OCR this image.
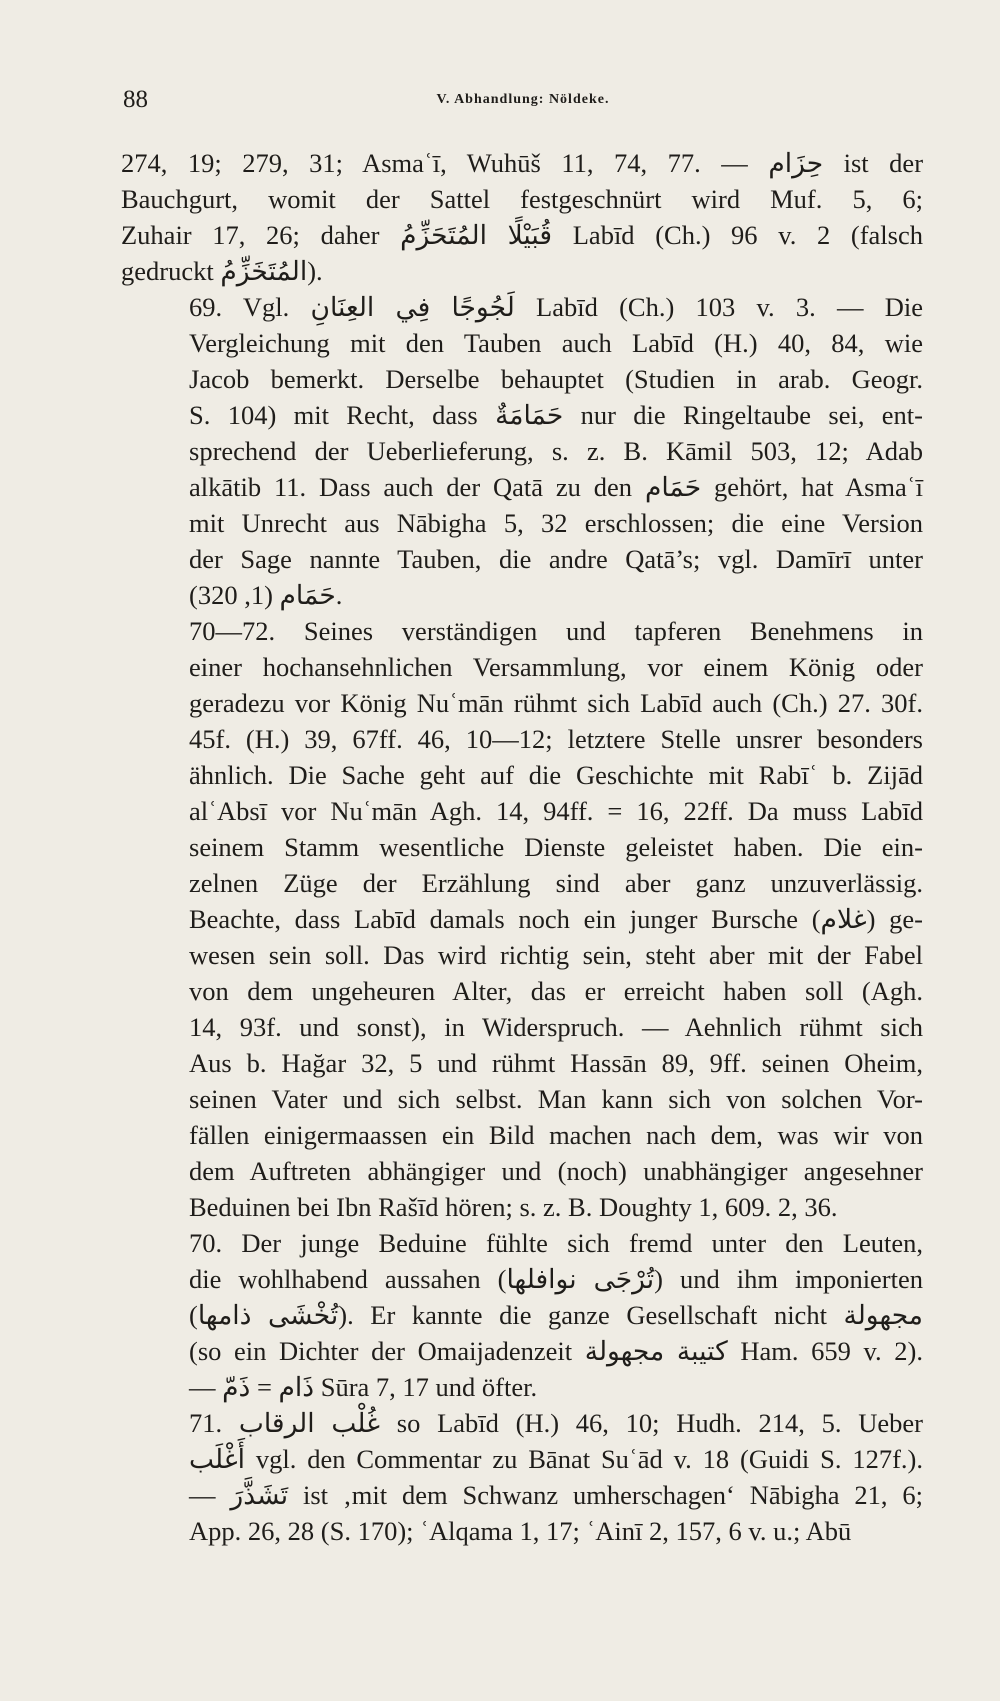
88	V. Abhandlung: Nöldeke.
274, 19; 279, 31; Asmaʿī, Wuhūš 11, 74, 77. — حِزَام ist der
Bauchgurt, womit der Sattel festgeschnürt wird Muf. 5, 6;
Zuhair 17, 26; daher قُبَيْلًا المُتَحَزِّمُ Labīd (Ch.) 96 v. 2 (falsch
gedruckt المُتَخَزِّمُ).
69. Vgl. لَجُوجًا فِي العِنَانِ Labīd (Ch.) 103 v. 3. — Die
Vergleichung mit den Tauben auch Labīd (H.) 40, 84, wie
Jacob bemerkt. Derselbe behauptet (Studien in arab. Geogr.
S. 104) mit Recht, dass حَمَامَةٌ nur die Ringeltaube sei, ent-
sprechend der Ueberlieferung, s. z. B. Kāmil 503, 12; Adab
alkātib 11. Dass auch der Qatā zu den حَمَام gehört, hat Asmaʿī
mit Unrecht aus Nābigha 5, 32 erschlossen; die eine Version
der Sage nannte Tauben, die andre Qatā’s; vgl. Damīrī unter
حَمَام (1, 320).
70—72. Seines verständigen und tapferen Benehmens in
einer hochansehnlichen Versammlung, vor einem König oder
geradezu vor König Nuʿmān rühmt sich Labīd auch (Ch.) 27. 30f.
45f. (H.) 39, 67ff. 46, 10—12; letztere Stelle unsrer besonders
ähnlich. Die Sache geht auf die Geschichte mit Rabīʿ b. Zijād
alʿAbsī vor Nuʿmān Agh. 14, 94ff. = 16, 22ff. Da muss Labīd
seinem Stamm wesentliche Dienste geleistet haben. Die ein-
zelnen Züge der Erzählung sind aber ganz unzuverlässig.
Beachte, dass Labīd damals noch ein junger Bursche (غلام) ge-
wesen sein soll. Das wird richtig sein, steht aber mit der Fabel
von dem ungeheuren Alter, das er erreicht haben soll (Agh.
14, 93f. und sonst), in Widerspruch. — Aehnlich rühmt sich
Aus b. Hağar 32, 5 und rühmt Hassān 89, 9ff. seinen Oheim,
seinen Vater und sich selbst. Man kann sich von solchen Vor-
fällen einigermaassen ein Bild machen nach dem, was wir von
dem Auftreten abhängiger und (noch) unabhängiger angesehner
Beduinen bei Ibn Rašīd hören; s. z. B. Doughty 1, 609. 2, 36.
70. Der junge Beduine fühlte sich fremd unter den Leuten,
die wohlhabend aussahen (تُرْجَى نوافلها) und ihm imponierten
(تُخْشَى ذامها). Er kannte die ganze Gesellschaft nicht مجهولة
(so ein Dichter der Omaijadenzeit كتيبة مجهولة Ham. 659 v. 2).
— ذَام = ذَمّ Sūra 7, 17 und öfter.
71. غُلْب الرقاب so Labīd (H.) 46, 10; Hudh. 214, 5. Ueber
أَغْلَب vgl. den Commentar zu Bānat Suʿād v. 18 (Guidi S. 127f.).
— تَشَذَّرَ ist ‚mit dem Schwanz umherschagen‘ Nābigha 21, 6;
App. 26, 28 (S. 170); ʿAlqama 1, 17; ʿAinī 2, 157, 6 v. u.; Abū
